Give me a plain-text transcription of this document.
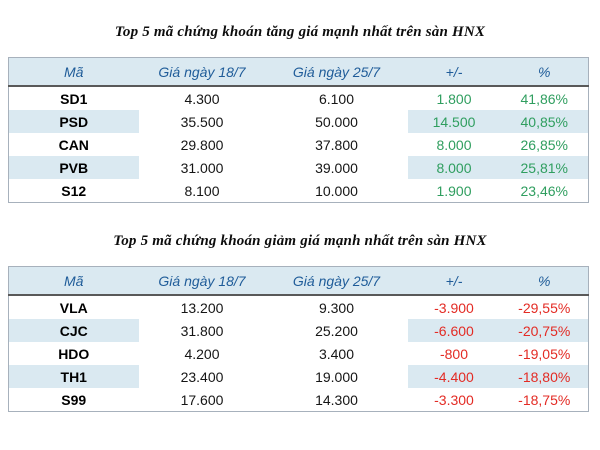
Top 5 mã chứng khoán tăng giá mạnh nhất trên sàn HNX
Mã	Giá ngày 18/7	Giá ngày 25/7	+/-	%
SD1	4.300	6.100	1.800	41,86%
PSD	35.500	50.000	14.500	40,85%
CAN	29.800	37.800	8.000	26,85%
PVB	31.000	39.000	8.000	25,81%
S12	8.100	10.000	1.900	23,46%
Top 5 mã chứng khoán giảm giá mạnh nhất trên sàn HNX
Mã	Giá ngày 18/7	Giá ngày 25/7	+/-	%
VLA	13.200	9.300	-3.900	-29,55%
CJC	31.800	25.200	-6.600	-20,75%
HDO	4.200	3.400	-800	-19,05%
TH1	23.400	19.000	-4.400	-18,80%
S99	17.600	14.300	-3.300	-18,75%
